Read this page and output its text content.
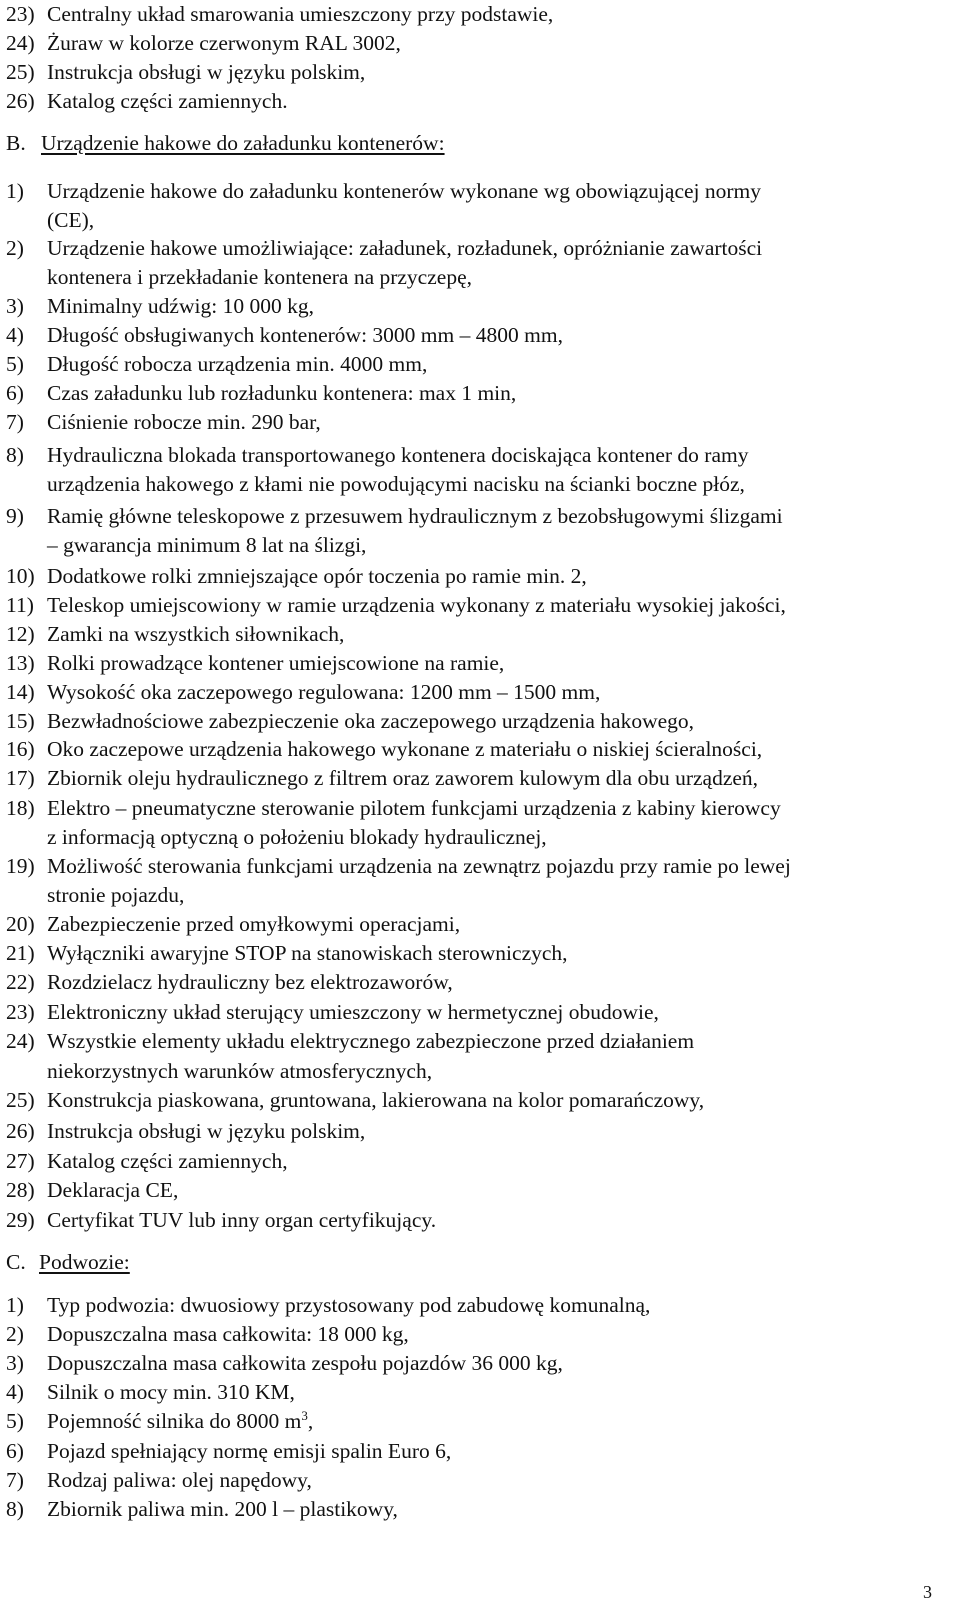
23) Centralny układ smarowania umieszczony przy podstawie,
24) Żuraw w kolorze czerwonym RAL 3002,
25) Instrukcja obsługi w języku polskim,
26) Katalog części zamiennych.
B. Urządzenie hakowe do załadunku kontenerów:
1) Urządzenie hakowe do załadunku kontenerów wykonane wg obowiązującej normy
(CE),
2) Urządzenie hakowe umożliwiające: załadunek, rozładunek, opróżnianie zawartości
kontenera i przekładanie kontenera na przyczepę,
3) Minimalny udźwig: 10 000 kg,
4) Długość obsługiwanych kontenerów: 3000 mm – 4800 mm,
5) Długość robocza urządzenia min. 4000 mm,
6) Czas załadunku lub rozładunku kontenera: max 1 min,
7) Ciśnienie robocze min. 290 bar,
8) Hydrauliczna blokada transportowanego kontenera dociskająca kontener do ramy
urządzenia hakowego z kłami nie powodującymi nacisku na ścianki boczne płóz,
9) Ramię główne teleskopowe z przesuwem hydraulicznym z bezobsługowymi ślizgami
– gwarancja minimum 8 lat na ślizgi,
10) Dodatkowe rolki zmniejszające opór toczenia po ramie min. 2,
11) Teleskop umiejscowiony w ramie urządzenia wykonany z materiału wysokiej jakości,
12) Zamki na wszystkich siłownikach,
13) Rolki prowadzące kontener umiejscowione na ramie,
14) Wysokość oka zaczepowego regulowana: 1200 mm – 1500 mm,
15) Bezwładnościowe zabezpieczenie oka zaczepowego urządzenia hakowego,
16) Oko zaczepowe urządzenia hakowego wykonane z materiału o niskiej ścieralności,
17) Zbiornik oleju hydraulicznego z filtrem oraz zaworem kulowym dla obu urządzeń,
18) Elektro – pneumatyczne sterowanie pilotem funkcjami urządzenia z kabiny kierowcy
z informacją optyczną o położeniu blokady hydraulicznej,
19) Możliwość sterowania funkcjami urządzenia na zewnątrz pojazdu przy ramie po lewej
stronie pojazdu,
20) Zabezpieczenie przed omyłkowymi operacjami,
21) Wyłączniki awaryjne STOP na stanowiskach sterowniczych,
22) Rozdzielacz hydrauliczny bez elektrozaworów,
23) Elektroniczny układ sterujący umieszczony w hermetycznej obudowie,
24) Wszystkie elementy układu elektrycznego zabezpieczone przed działaniem
niekorzystnych warunków atmosferycznych,
25) Konstrukcja piaskowana, gruntowana, lakierowana na kolor pomarańczowy,
26) Instrukcja obsługi w języku polskim,
27) Katalog części zamiennych,
28) Deklaracja CE,
29) Certyfikat TUV lub inny organ certyfikujący.
C. Podwozie:
1) Typ podwozia: dwuosiowy przystosowany pod zabudowę komunalną,
2) Dopuszczalna masa całkowita: 18 000 kg,
3) Dopuszczalna masa całkowita zespołu pojazdów 36 000 kg,
4) Silnik o mocy min. 310 KM,
5) Pojemność silnika do 8000 $m^3$,
6) Pojazd spełniający normę emisji spalin Euro 6,
7) Rodzaj paliwa: olej napędowy,
8) Zbiornik paliwa min. 200 l – plastikowy,
3
